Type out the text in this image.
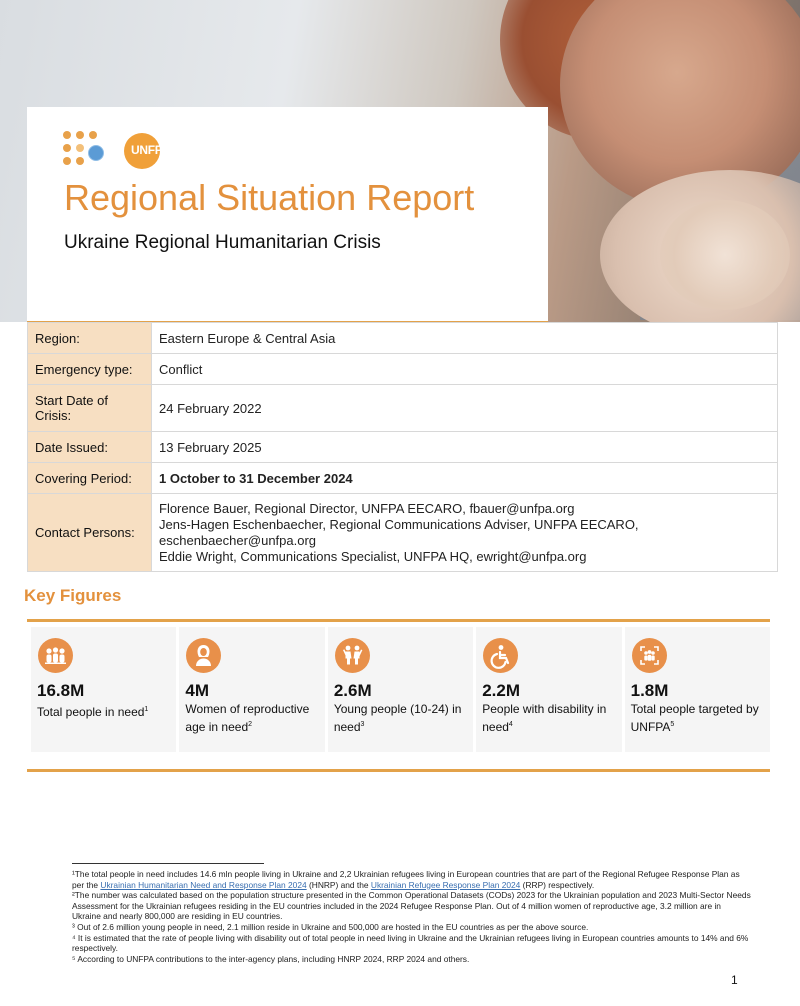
UNFPA
Regional Situation Report
Ukraine Regional Humanitarian Crisis
Region:	Eastern Europe & Central Asia
Emergency type:	Conflict
Start Date of Crisis:	24 February 2022
Date Issued:	13 February 2025
Covering Period:	1 October to 31 December 2024
Contact Persons:	Florence Bauer, Regional Director, UNFPA EECARO, fbauer@unfpa.org
Jens-Hagen Eschenbaecher, Regional Communications Adviser, UNFPA EECARO,
eschenbaecher@unfpa.org
Eddie Wright, Communications Specialist, UNFPA HQ, ewright@unfpa.org
Key Figures
16.8M
Total people in need$^1$
4M
Women of reproductive age in need$^2$
2.6M
Young people (10-24) in need$^3$
2.2M
People with disability in need$^4$
1.8M
Total people targeted by UNFPA$^5$

¹The total people in need includes 14.6 mln people living in Ukraine and 2,2 Ukrainian refugees living in European countries that are part of the Regional Refugee Response Plan as per the Ukrainian Humanitarian Need and Response Plan 2024 (HNRP) and the Ukrainian Refugee Response Plan 2024 (RRP) respectively.

²The number was calculated based on the population structure presented in the Common Operational Datasets (CODs) 2023 for the Ukrainian population and 2023 Multi-Sector Needs Assessment for the Ukrainian refugees residing in the EU countries included in the 2024 Refugee Response Plan. Out of 4 million women of reproductive age, 3.2 million are in Ukraine and nearly 800,000 are residing in EU countries.

³ Out of 2.6 million young people in need, 2.1 million reside in Ukraine and 500,000 are hosted in the EU countries as per the above source.

⁴ It is estimated that the rate of people living with disability out of total people in need living in Ukraine and the Ukrainian refugees living in European countries amounts to 14% and 6% respectively.

⁵ According to UNFPA contributions to the inter-agency plans, including HNRP 2024, RRP 2024 and others.

1
